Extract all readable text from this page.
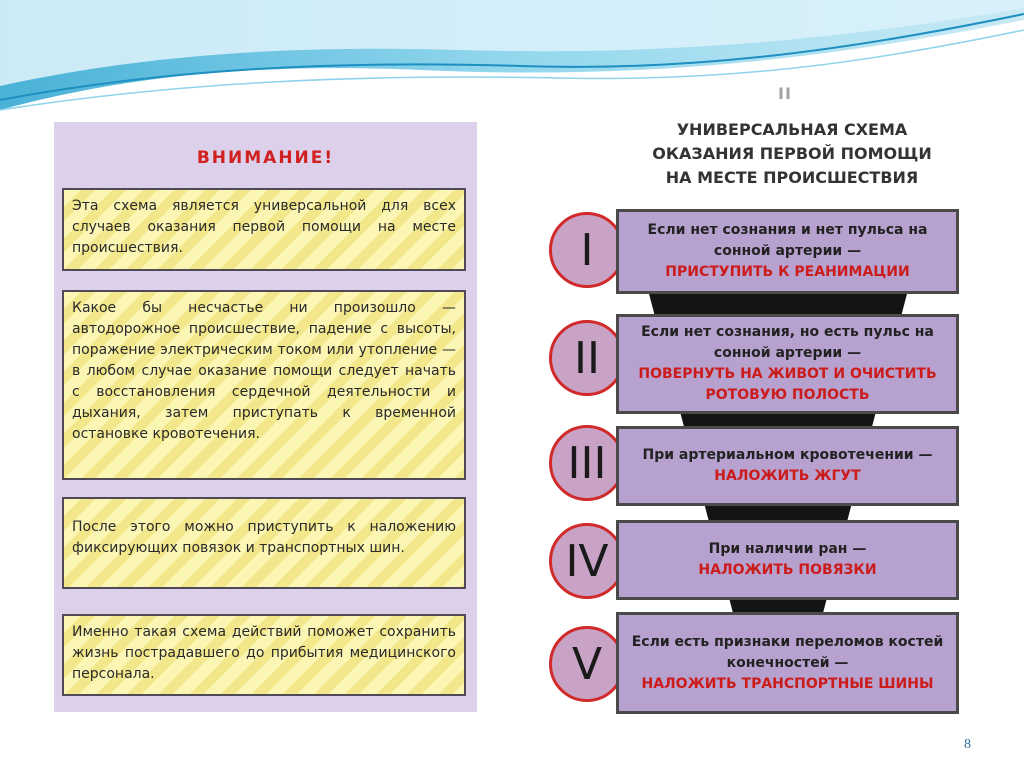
II
ВНИМАНИЕ!
Эта схема является универсальной для всех случаев оказания первой помощи на месте происшествия.
Какое бы несчастье ни произошло — автодорожное происшествие, падение с высоты, поражение электрическим током или утопление — в любом случае оказание помощи следует начать с восстановления сердечной деятельности и дыхания, затем приступать к временной остановке кровотечения.
После этого можно приступить к наложению фиксирующих повязок и транспортных шин.
Именно такая схема действий поможет сохранить жизнь пострадавшего до прибытия медицинского персонала.
УНИВЕРСАЛЬНАЯ СХЕМА
ОКАЗАНИЯ ПЕРВОЙ ПОМОЩИ
НА МЕСТЕ ПРОИСШЕСТВИЯ
I	Если нет сознания и нет пульса на сонной артерии —
ПРИСТУПИТЬ К РЕАНИМАЦИИ
II
Если нет сознания, но есть пульс на сонной артерии —
ПОВЕРНУТЬ НА ЖИВОТ И ОЧИСТИТЬ РОТОВУЮ ПОЛОСТЬ
III	При артериальном кровотечении —
НАЛОЖИТЬ ЖГУТ
IV	При наличии ран —
НАЛОЖИТЬ ПОВЯЗКИ
V	Если есть признаки переломов костей конечностей —
НАЛОЖИТЬ ТРАНСПОРТНЫЕ ШИНЫ
8
